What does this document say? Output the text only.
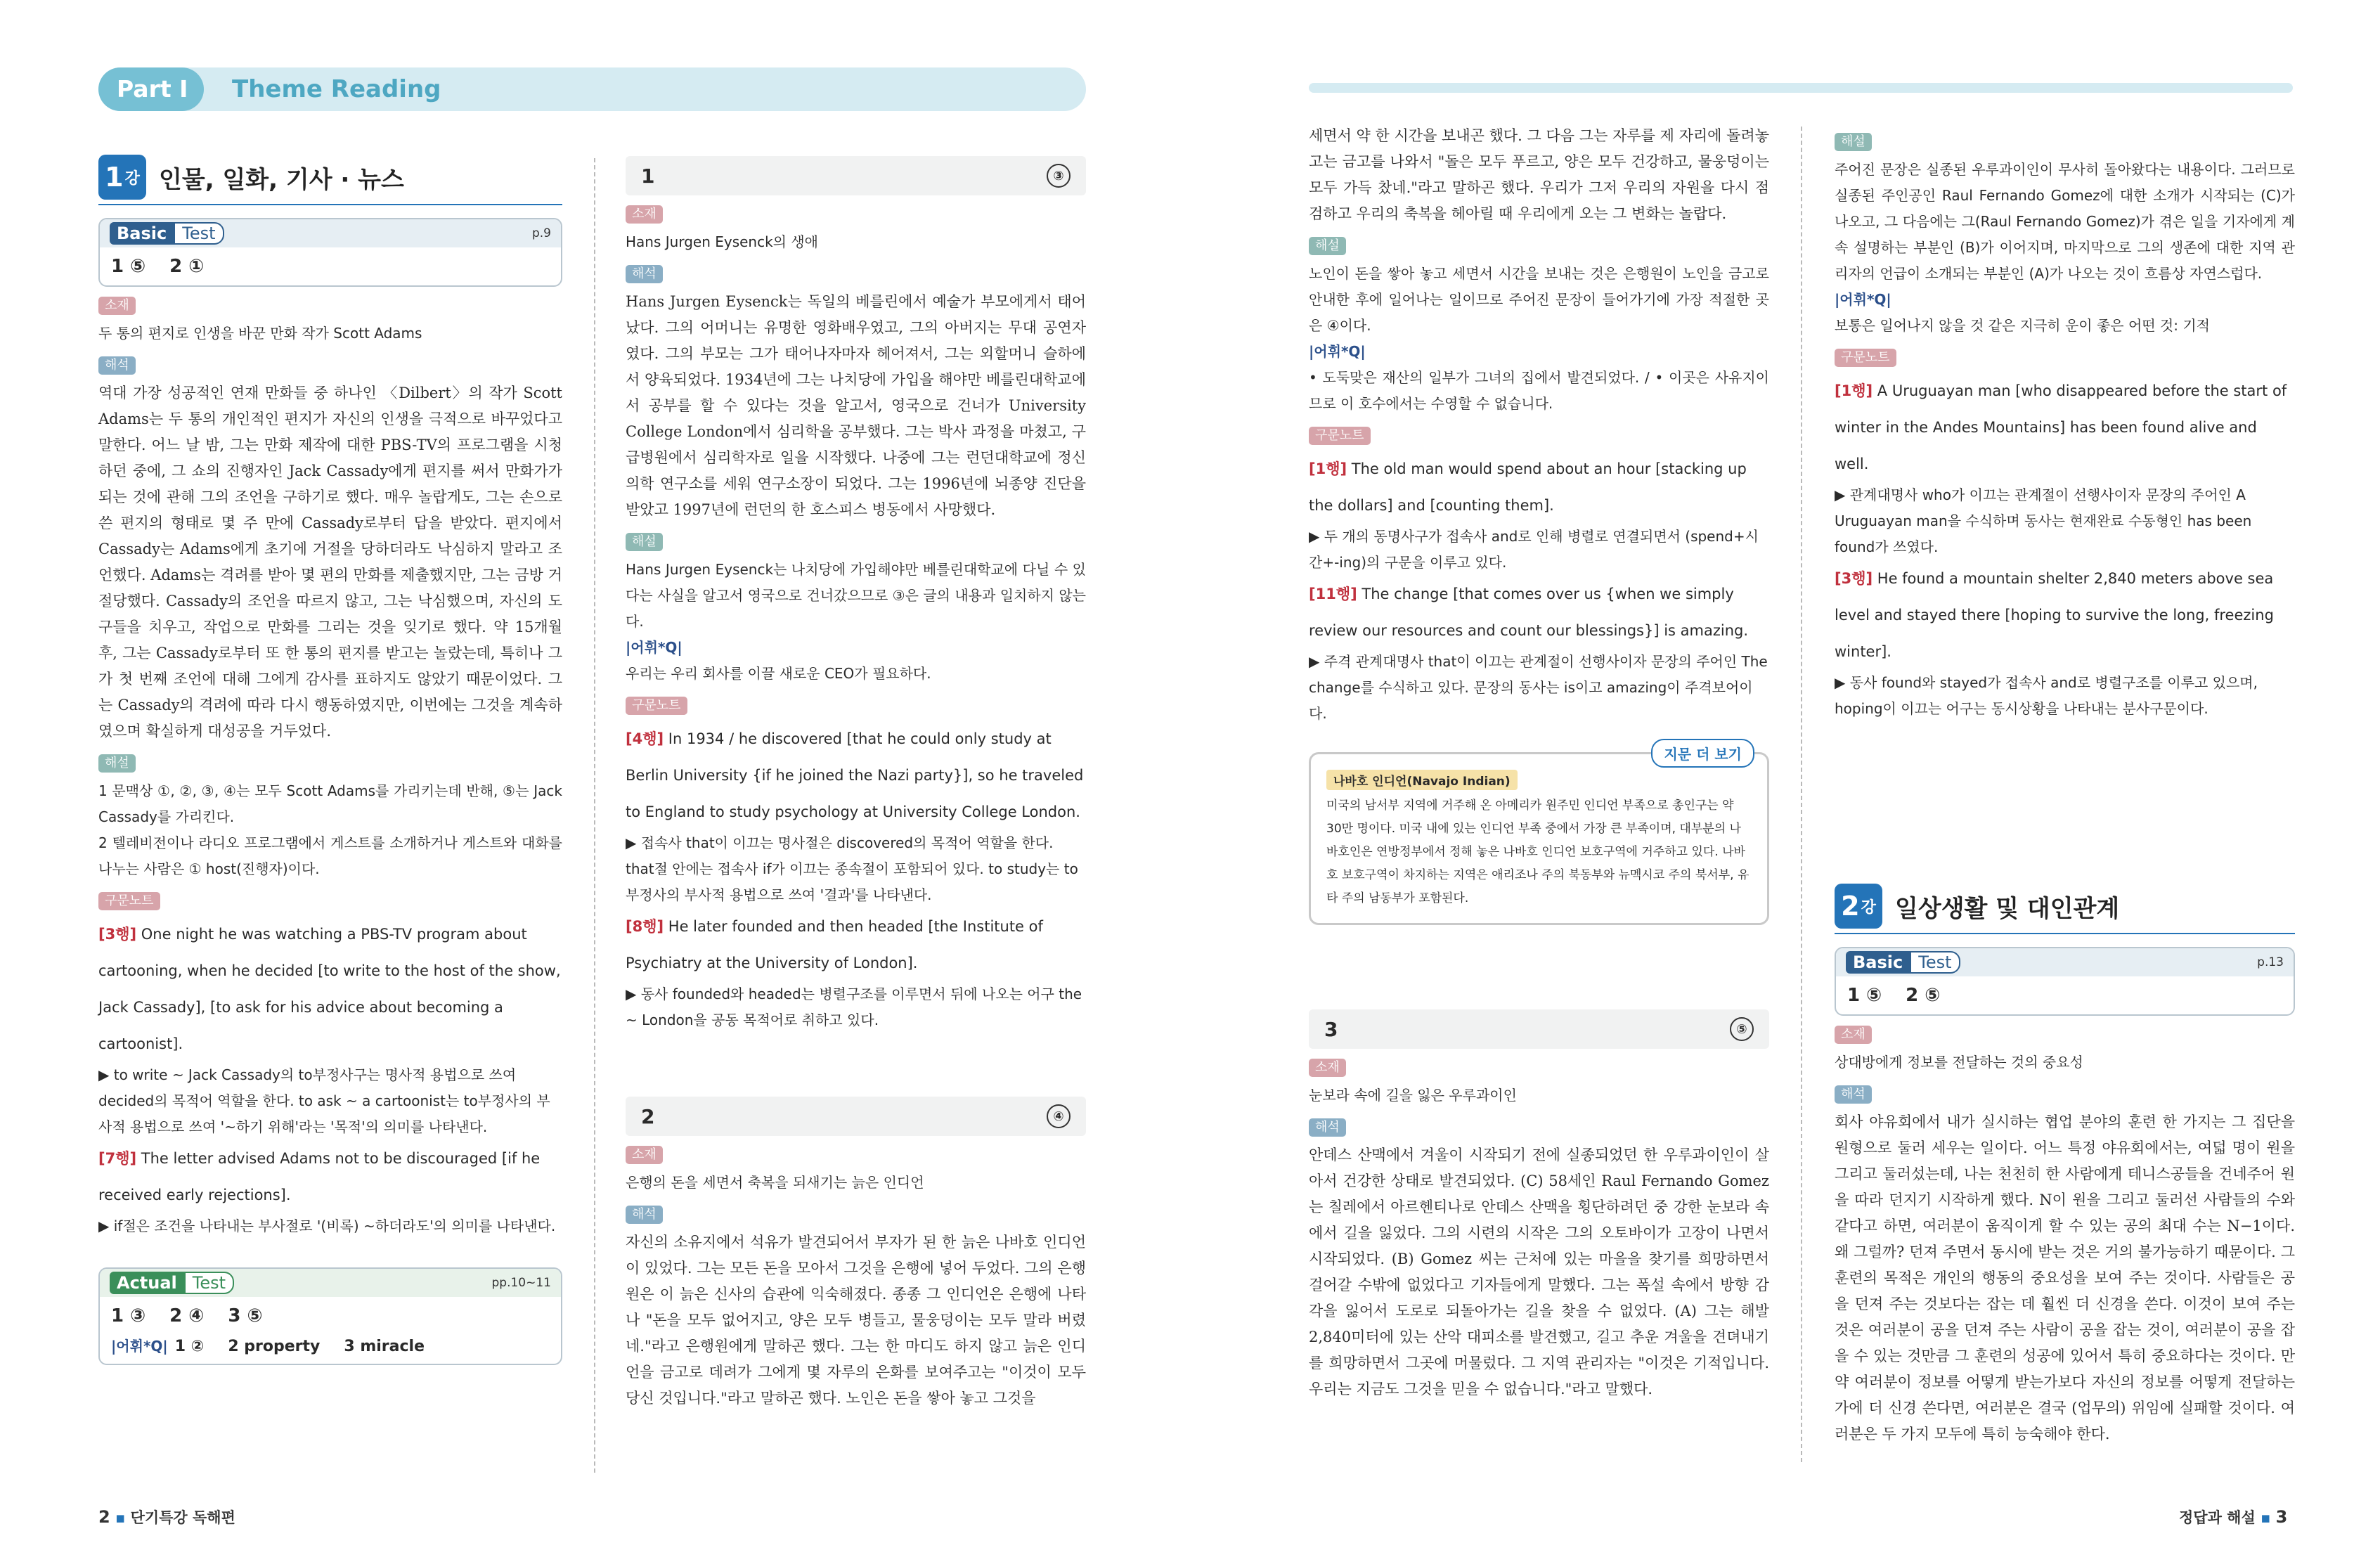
Part Ⅰ	Theme Reading
1 강 인물, 일화, 기사 · 뉴스
Basic Test	p.9
1 ⑤ 2 ①
소재

두 통의 편지로 인생을 바꾼 만화 작가 Scott Adams

해석

역대 가장 성공적인 연재 만화들 중 하나인 〈Dilbert〉의 작가 Scott Adams는 두 통의 개인적인 편지가 자신의 인생을 극적으로 바꾸었다고 말한다. 어느 날 밤, 그는 만화 제작에 대한 PBS-TV의 프로그램을 시청하던 중에, 그 쇼의 진행자인 Jack Cassady에게 편지를 써서 만화가가 되는 것에 관해 그의 조언을 구하기로 했다. 매우 놀랍게도, 그는 손으로 쓴 편지의 형태로 몇 주 만에 Cassady로부터 답을 받았다. 편지에서 Cassady는 Adams에게 초기에 거절을 당하더라도 낙심하지 말라고 조언했다. Adams는 격려를 받아 몇 편의 만화를 제출했지만, 그는 금방 거절당했다. Cassady의 조언을 따르지 않고, 그는 낙심했으며, 자신의 도구들을 치우고, 작업으로 만화를 그리는 것을 잊기로 했다. 약 15개월 후, 그는 Cassady로부터 또 한 통의 편지를 받고는 놀랐는데, 특히나 그가 첫 번째 조언에 대해 그에게 감사를 표하지도 않았기 때문이었다. 그는 Cassady의 격려에 따라 다시 행동하였지만, 이번에는 그것을 계속하였으며 확실하게 대성공을 거두었다.

해설

1 문맥상 ①, ②, ③, ④는 모두 Scott Adams를 가리키는데 반해, ⑤는 Jack Cassady를 가리킨다.

2 텔레비전이나 라디오 프로그램에서 게스트를 소개하거나 게스트와 대화를 나누는 사람은 ① host(진행자)이다.

구문노트

[3행] One night he was watching a PBS-TV program about cartooning, when he decided [to write to the host of the show, Jack Cassady], [to ask for his advice about becoming a cartoonist].

▶ to write ~ Jack Cassady의 to부정사구는 명사적 용법으로 쓰여 decided의 목적어 역할을 한다. to ask ~ a cartoonist는 to부정사의 부사적 용법으로 쓰여 '~하기 위해'라는 '목적'의 의미를 나타낸다.

[7행] The letter advised Adams not to be discouraged [if he received early rejections].

▶ if절은 조건을 나타내는 부사절로 '(비록) ~하더라도'의 의미를 나타낸다.

Actual Test	pp.10~11
1 ③ 2 ④ 3 ⑤
|어휘*Q| 1 ② 2 property 3 miracle
1	③
소재

Hans Jurgen Eysenck의 생애

해석

Hans Jurgen Eysenck는 독일의 베를린에서 예술가 부모에게서 태어났다. 그의 어머니는 유명한 영화배우였고, 그의 아버지는 무대 공연자였다. 그의 부모는 그가 태어나자마자 헤어져서, 그는 외할머니 슬하에서 양육되었다. 1934년에 그는 나치당에 가입을 해야만 베를린대학교에서 공부를 할 수 있다는 것을 알고서, 영국으로 건너가 University College London에서 심리학을 공부했다. 그는 박사 과정을 마쳤고, 구급병원에서 심리학자로 일을 시작했다. 나중에 그는 런던대학교에 정신의학 연구소를 세워 연구소장이 되었다. 그는 1996년에 뇌종양 진단을 받았고 1997년에 런던의 한 호스피스 병동에서 사망했다.

해설

Hans Jurgen Eysenck는 나치당에 가입해야만 베를린대학교에 다닐 수 있다는 사실을 알고서 영국으로 건너갔으므로 ③은 글의 내용과 일치하지 않는다.

|어휘*Q|
우리는 우리 회사를 이끌 새로운 CEO가 필요하다.

구문노트

[4행] In 1934 / he discovered [that he could only study at Berlin University {if he joined the Nazi party}], so he traveled to England to study psychology at University College London.

▶ 접속사 that이 이끄는 명사절은 discovered의 목적어 역할을 한다. that절 안에는 접속사 if가 이끄는 종속절이 포함되어 있다. to study는 to부정사의 부사적 용법으로 쓰여 '결과'를 나타낸다.

[8행] He later founded and then headed [the Institute of Psychiatry at the University of London].

▶ 동사 founded와 headed는 병렬구조를 이루면서 뒤에 나오는 어구 the ~ London을 공동 목적어로 취하고 있다.

2	④
소재

은행의 돈을 세면서 축복을 되새기는 늙은 인디언

해석

자신의 소유지에서 석유가 발견되어서 부자가 된 한 늙은 나바호 인디언이 있었다. 그는 모든 돈을 모아서 그것을 은행에 넣어 두었다. 그의 은행원은 이 늙은 신사의 습관에 익숙해졌다. 종종 그 인디언은 은행에 나타나 "돈을 모두 없어지고, 양은 모두 병들고, 물웅덩이는 모두 말라 버렸네."라고 은행원에게 말하곤 했다. 그는 한 마디도 하지 않고 늙은 인디언을 금고로 데려가 그에게 몇 자루의 은화를 보여주고는 "이것이 모두 당신 것입니다."라고 말하곤 했다. 노인은 돈을 쌓아 놓고 그것을

세면서 약 한 시간을 보내곤 했다. 그 다음 그는 자루를 제 자리에 돌려놓고는 금고를 나와서 "돌은 모두 푸르고, 양은 모두 건강하고, 물웅덩이는 모두 가득 찼네."라고 말하곤 했다. 우리가 그저 우리의 자원을 다시 점검하고 우리의 축복을 헤아릴 때 우리에게 오는 그 변화는 놀랍다.

해설

노인이 돈을 쌓아 놓고 세면서 시간을 보내는 것은 은행원이 노인을 금고로 안내한 후에 일어나는 일이므로 주어진 문장이 들어가기에 가장 적절한 곳은 ④이다.

|어휘*Q|
• 도둑맞은 재산의 일부가 그녀의 집에서 발견되었다. / • 이곳은 사유지이므로 이 호수에서는 수영할 수 없습니다.

구문노트

[1행] The old man would spend about an hour [stacking up the dollars] and [counting them].

▶ 두 개의 동명사구가 접속사 and로 인해 병렬로 연결되면서 (spend+시간+-ing)의 구문을 이루고 있다.

[11행] The change [that comes over us {when we simply review our resources and count our blessings}] is amazing.

▶ 주격 관계대명사 that이 이끄는 관계절이 선행사이자 문장의 주어인 The change를 수식하고 있다. 문장의 동사는 is이고 amazing이 주격보어이다.

지문 더 보기
나바호 인디언(Navajo Indian)

미국의 남서부 지역에 거주해 온 아메리카 원주민 인디언 부족으로 총인구는 약 30만 명이다. 미국 내에 있는 인디언 부족 중에서 가장 큰 부족이며, 대부분의 나바호인은 연방정부에서 정해 놓은 나바호 인디언 보호구역에 거주하고 있다. 나바호 보호구역이 차지하는 지역은 애리조나 주의 북동부와 뉴멕시코 주의 북서부, 유타 주의 남동부가 포함된다.

3	⑤
소재

눈보라 속에 길을 잃은 우루과이인

해석

안데스 산맥에서 겨울이 시작되기 전에 실종되었던 한 우루과이인이 살아서 건강한 상태로 발견되었다. (C) 58세인 Raul Fernando Gomez는 칠레에서 아르헨티나로 안데스 산맥을 횡단하려던 중 강한 눈보라 속에서 길을 잃었다. 그의 시련의 시작은 그의 오토바이가 고장이 나면서 시작되었다. (B) Gomez 씨는 근처에 있는 마을을 찾기를 희망하면서 걸어갈 수밖에 없었다고 기자들에게 말했다. 그는 폭설 속에서 방향 감각을 잃어서 도로로 되돌아가는 길을 찾을 수 없었다. (A) 그는 해발 2,840미터에 있는 산악 대피소를 발견했고, 길고 추운 겨울을 견뎌내기를 희망하면서 그곳에 머물렀다. 그 지역 관리자는 "이것은 기적입니다. 우리는 지금도 그것을 믿을 수 없습니다."라고 말했다.

해설

주어진 문장은 실종된 우루과이인이 무사히 돌아왔다는 내용이다. 그러므로 실종된 주인공인 Raul Fernando Gomez에 대한 소개가 시작되는 (C)가 나오고, 그 다음에는 그(Raul Fernando Gomez)가 겪은 일을 기자에게 계속 설명하는 부분인 (B)가 이어지며, 마지막으로 그의 생존에 대한 지역 관리자의 언급이 소개되는 부분인 (A)가 나오는 것이 흐름상 자연스럽다.

|어휘*Q|
보통은 일어나지 않을 것 같은 지극히 운이 좋은 어떤 것: 기적

구문노트

[1행] A Uruguayan man [who disappeared before the start of winter in the Andes Mountains] has been found alive and well.

▶ 관계대명사 who가 이끄는 관계절이 선행사이자 문장의 주어인 A Uruguayan man을 수식하며 동사는 현재완료 수동형인 has been found가 쓰였다.

[3행] He found a mountain shelter 2,840 meters above sea level and stayed there [hoping to survive the long, freezing winter].

▶ 동사 found와 stayed가 접속사 and로 병렬구조를 이루고 있으며, hoping이 이끄는 어구는 동시상황을 나타내는 분사구문이다.

2 강 일상생활 및 대인관계
Basic Test	p.13
1 ⑤ 2 ⑤
소재

상대방에게 정보를 전달하는 것의 중요성

해석

회사 야유회에서 내가 실시하는 협업 분야의 훈련 한 가지는 그 집단을 원형으로 둘러 세우는 일이다. 어느 특정 야유회에서는, 여덟 명이 원을 그리고 둘러섰는데, 나는 천천히 한 사람에게 테니스공들을 건네주어 원을 따라 던지기 시작하게 했다. N이 원을 그리고 둘러선 사람들의 수와 같다고 하면, 여러분이 움직이게 할 수 있는 공의 최대 수는 N−1이다. 왜 그럴까? 던져 주면서 동시에 받는 것은 거의 불가능하기 때문이다. 그 훈련의 목적은 개인의 행동의 중요성을 보여 주는 것이다. 사람들은 공을 던져 주는 것보다는 잡는 데 훨씬 더 신경을 쓴다. 이것이 보여 주는 것은 여러분이 공을 던져 주는 사람이 공을 잡는 것이, 여러분이 공을 잡을 수 있는 것만큼 그 훈련의 성공에 있어서 특히 중요하다는 것이다. 만약 여러분이 정보를 어떻게 받는가보다 자신의 정보를 어떻게 전달하는가에 더 신경 쓴다면, 여러분은 결국 (업무의) 위임에 실패할 것이다. 여러분은 두 가지 모두에 특히 능숙해야 한다.

2 ▪ 단기특강 독해편	정답과 해설 ▪ 3
